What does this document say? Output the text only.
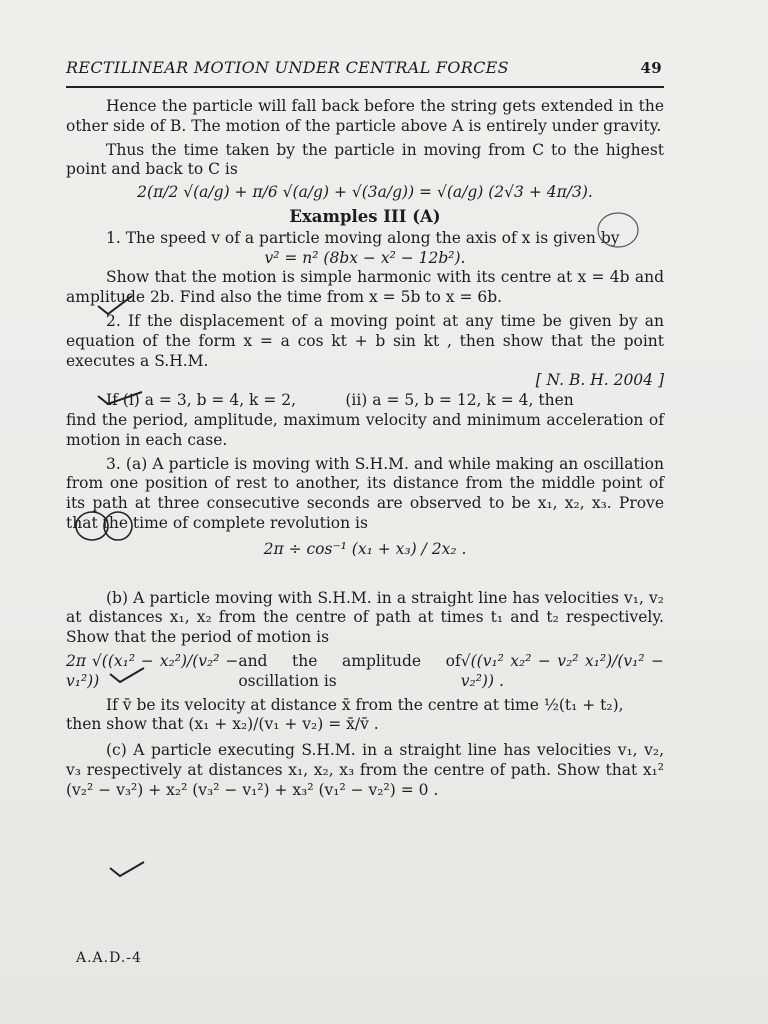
RECTILINEAR MOTION UNDER CENTRAL FORCES	49

Hence the particle will fall back before the string gets extended in the other side of B. The motion of the particle above A is entirely under gravity.

Thus the time taken by the particle in moving from C to the highest point and back to C is

2(π/2 √(a/g) + π/6 √(a/g) + √(3a/g)) = √(a/g) (2√3 + 4π/3).

Examples III (A)

1. The speed v of a particle moving along the axis of x is given by

v² = n² (8bx − x² − 12b²).

Show that the motion is simple harmonic with its centre at x = 4b and amplitude 2b. Find also the time from x = 5b to x = 6b.

2. If the displacement of a moving point at any time be given by an equation of the form x = a cos kt + b sin kt , then show that the point executes a S.H.M.

[ N. B. H. 2004 ]

If (i) a = 3, b = 4, k = 2,          (ii) a = 5, b = 12, k = 4, then

find the period, amplitude, maximum velocity and minimum acceleration of motion in each case.

3. (a) A particle is moving with S.H.M. and while making an oscillation from one position of rest to another, its distance from the middle point of its path at three consecutive seconds are observed to be x₁, x₂, x₃. Prove that the time of complete revolution is

2π ÷ cos⁻¹ (x₁ + x₃) / 2x₂ .

(b) A particle moving with S.H.M. in a straight line has velocities v₁, v₂ at distances x₁, x₂ from the centre of path at times t₁ and t₂ respectively. Show that the period of motion is

2π √((x₁² − x₂²)/(v₂² − v₁²))
and the amplitude of oscillation is
√((v₁² x₂² − v₂² x₁²)/(v₁² − v₂²)) .

If v̄ be its velocity at distance x̄ from the centre at time ½(t₁ + t₂),

then show that (x₁ + x₂)/(v₁ + v₂) = x̄/v̄ .

(c) A particle executing S.H.M. in a straight line has velocities v₁, v₂, v₃ respectively at distances x₁, x₂, x₃ from the centre of path. Show that x₁² (v₂² − v₃²) + x₂² (v₃² − v₁²) + x₃² (v₁² − v₂²) = 0 .

A.A.D.-4
